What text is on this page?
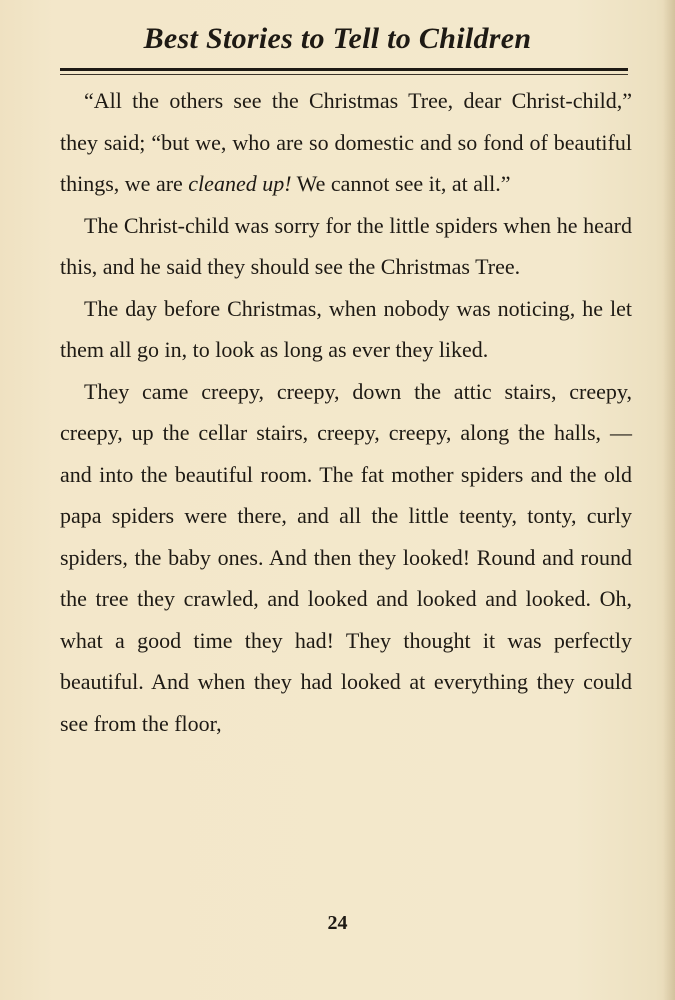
Best Stories to Tell to Children

“All the others see the Christmas Tree, dear Christ-child,” they said; “but we, who are so domestic and so fond of beautiful things, we are cleaned up! We cannot see it, at all.”

The Christ-child was sorry for the little spiders when he heard this, and he said they should see the Christmas Tree.

The day before Christmas, when nobody was noticing, he let them all go in, to look as long as ever they liked.

They came creepy, creepy, down the attic stairs, creepy, creepy, up the cellar stairs, creepy, creepy, along the halls, — and into the beautiful room. The fat mother spiders and the old papa spiders were there, and all the little teenty, tonty, curly spiders, the baby ones. And then they looked! Round and round the tree they crawled, and looked and looked and looked. Oh, what a good time they had! They thought it was perfectly beautiful. And when they had looked at everything they could see from the floor,

24
